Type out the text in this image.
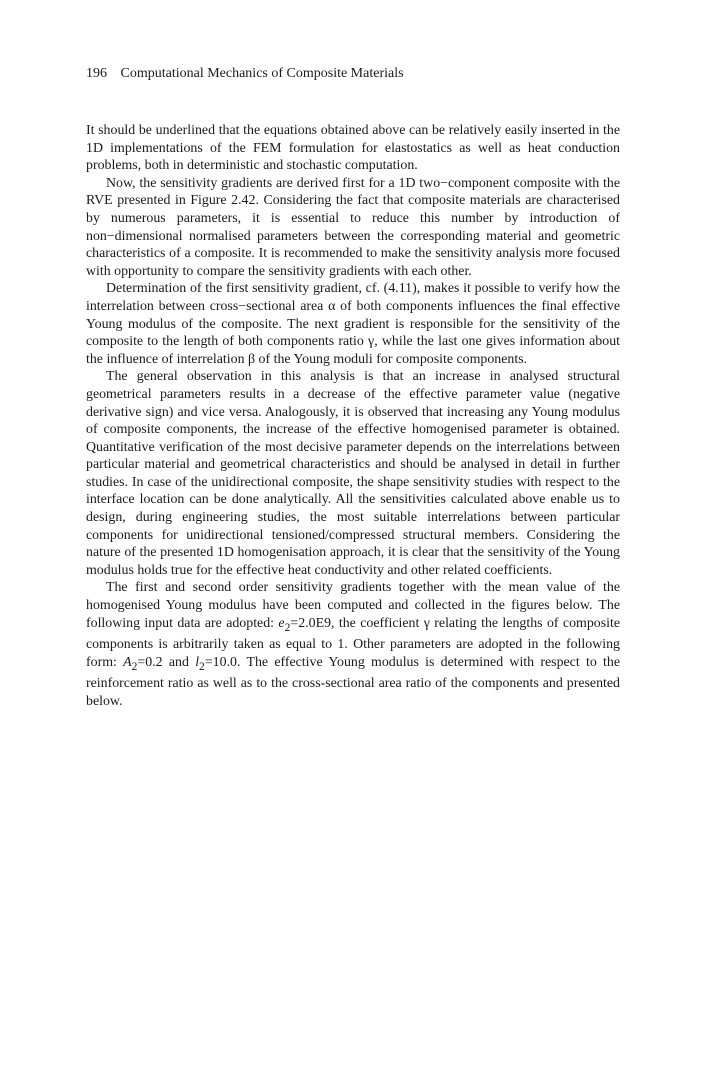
196 Computational Mechanics of Composite Materials

It should be underlined that the equations obtained above can be relatively easily inserted in the 1D implementations of the FEM formulation for elastostatics as well as heat conduction problems, both in deterministic and stochastic computation.

Now, the sensitivity gradients are derived first for a 1D two−component composite with the RVE presented in Figure 2.42. Considering the fact that composite materials are characterised by numerous parameters, it is essential to reduce this number by introduction of non−dimensional normalised parameters between the corresponding material and geometric characteristics of a composite. It is recommended to make the sensitivity analysis more focused with opportunity to compare the sensitivity gradients with each other.

Determination of the first sensitivity gradient, cf. (4.11), makes it possible to verify how the interrelation between cross−sectional area α of both components influences the final effective Young modulus of the composite. The next gradient is responsible for the sensitivity of the composite to the length of both components ratio γ, while the last one gives information about the influence of interrelation β of the Young moduli for composite components.

The general observation in this analysis is that an increase in analysed structural geometrical parameters results in a decrease of the effective parameter value (negative derivative sign) and vice versa. Analogously, it is observed that increasing any Young modulus of composite components, the increase of the effective homogenised parameter is obtained. Quantitative verification of the most decisive parameter depends on the interrelations between particular material and geometrical characteristics and should be analysed in detail in further studies. In case of the unidirectional composite, the shape sensitivity studies with respect to the interface location can be done analytically. All the sensitivities calculated above enable us to design, during engineering studies, the most suitable interrelations between particular components for unidirectional tensioned/compressed structural members. Considering the nature of the presented 1D homogenisation approach, it is clear that the sensitivity of the Young modulus holds true for the effective heat conductivity and other related coefficients.

The first and second order sensitivity gradients together with the mean value of the homogenised Young modulus have been computed and collected in the figures below. The following input data are adopted: $e_2=2.0E9$, the coefficient γ relating the lengths of composite components is arbitrarily taken as equal to 1. Other parameters are adopted in the following form: $A_2=0.2$ and $l_2=10.0$. The effective Young modulus is determined with respect to the reinforcement ratio as well as to the cross-sectional area ratio of the components and presented below.
